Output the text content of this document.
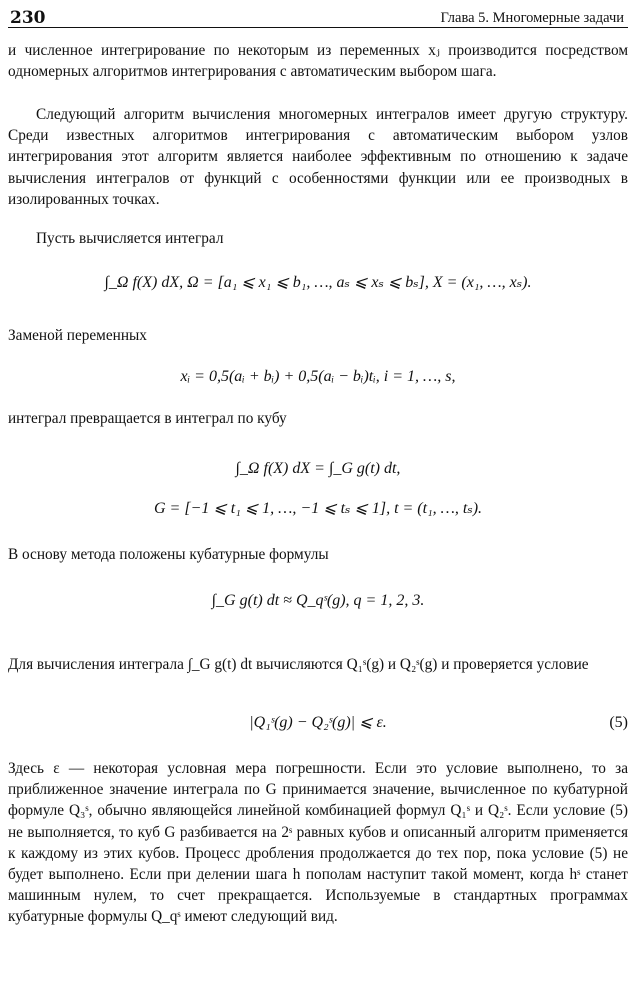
230	Глава 5. Многомерные задачи

и численное интегрирование по некоторым из переменных xⱼ производится посредством одномерных алгоритмов интегрирования с автоматическим выбором шага.

Следующий алгоритм вычисления многомерных интегралов имеет другую структуру. Среди известных алгоритмов интегрирования с автоматическим выбором узлов интегрирования этот алгоритм является наиболее эффективным по отношению к задаче вычисления интегралов от функций с особенностями функции или ее производных в изолированных точках.

Пусть вычисляется интеграл

∫_Ω f(X) dX, Ω = [a₁ ⩽ x₁ ⩽ b₁, …, aₛ ⩽ xₛ ⩽ bₛ], X = (x₁, …, xₛ).

Заменой переменных

xᵢ = 0,5(aᵢ + bᵢ) + 0,5(aᵢ − bᵢ)tᵢ, i = 1, …, s,

интеграл превращается в интеграл по кубу

∫_Ω f(X) dX = ∫_G g(t) dt,
G = [−1 ⩽ t₁ ⩽ 1, …, −1 ⩽ tₛ ⩽ 1], t = (t₁, …, tₛ).

В основу метода положены кубатурные формулы

∫_G g(t) dt ≈ Q_qˢ(g), q = 1, 2, 3.

Для вычисления интеграла ∫_G g(t) dt вычисляются Q₁ˢ(g) и Q₂ˢ(g) и проверяется условие

|Q₁ˢ(g) − Q₂ˢ(g)| ⩽ ε.	(5)

Здесь ε — некоторая условная мера погрешности. Если это условие выполнено, то за приближенное значение интеграла по G принимается значение, вычисленное по кубатурной формуле Q₃ˢ, обычно являющейся линейной комбинацией формул Q₁ˢ и Q₂ˢ. Если условие (5) не выполняется, то куб G разбивается на 2ˢ равных кубов и описанный алгоритм применяется к каждому из этих кубов. Процесс дробления продолжается до тех пор, пока условие (5) не будет выполнено. Если при делении шага h пополам наступит такой момент, когда hˢ станет машинным нулем, то счет прекращается. Используемые в стандартных программах кубатурные формулы Q_qˢ имеют следующий вид.
